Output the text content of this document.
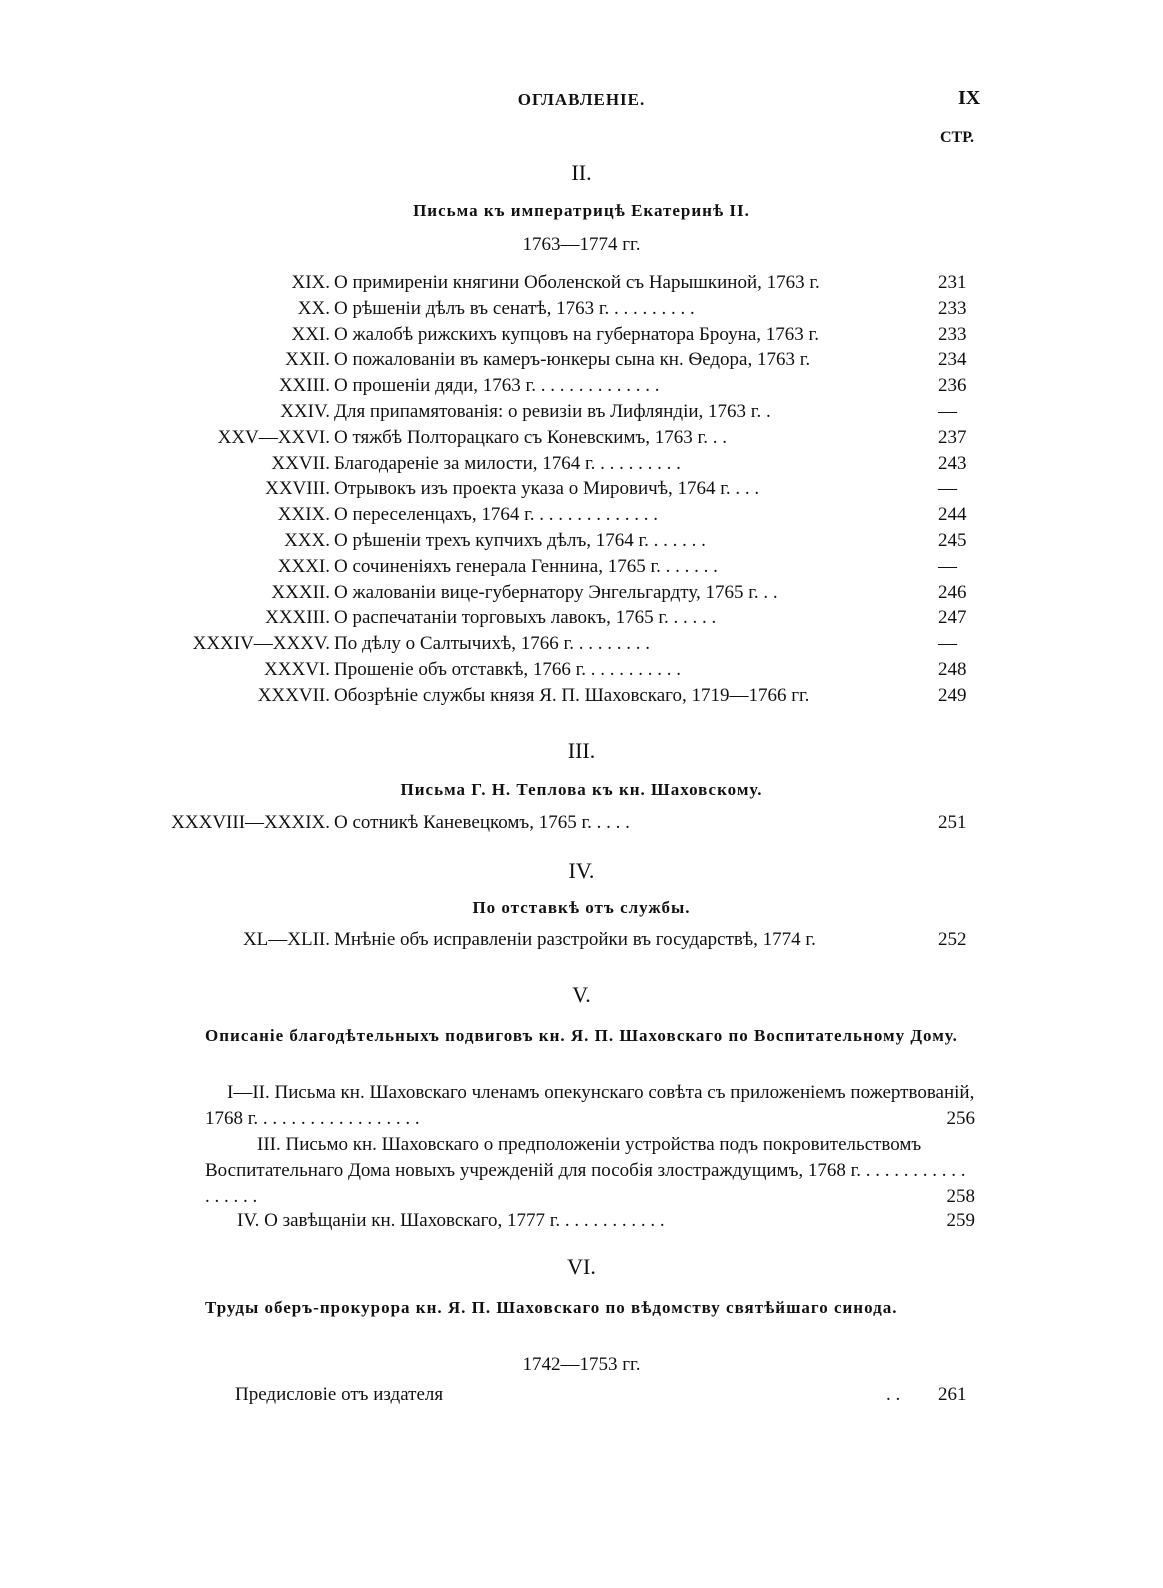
ОГЛАВЛЕНІЕ.	IX
СТР.
II.
Письма къ императрицѣ Екатеринѣ II.
1763—1774 гг.
XIX. О примиреніи княгини Оболенской съ Нарышкиной, 1763 г.	231
XX. О рѣшеніи дѣлъ въ сенатѣ, 1763 г. . . . . . . . . .	233
XXI. О жалобѣ рижскихъ купцовъ на губернатора Броуна, 1763 г.	233
XXII. О пожалованіи въ камеръ-юнкеры сына кн. Ѳедора, 1763 г.	234
XXIII. О прошеніи дяди, 1763 г. . . . . . . . . . . . . .	236
XXIV. Для припамятованія: о ревизіи въ Лифляндіи, 1763 г. .	—
XXV—XXVI. О тяжбѣ Полторацкаго съ Коневскимъ, 1763 г. . .	237
XXVII. Благодареніе за милости, 1764 г. . . . . . . . . .	243
XXVIII. Отрывокъ изъ проекта указа о Мировичѣ, 1764 г. . . .	—
XXIX. О переселенцахъ, 1764 г. . . . . . . . . . . . . .	244
XXX. О рѣшеніи трехъ купчихъ дѣлъ, 1764 г. . . . . . .	245
XXXI. О сочиненіяхъ генерала Геннина, 1765 г. . . . . . .	—
XXXII. О жалованіи вице-губернатору Энгельгардту, 1765 г. . .	246
XXXIII. О распечатаніи торговыхъ лавокъ, 1765 г. . . . . .	247
XXXIV—XXXV. По дѣлу о Салтычихѣ, 1766 г. . . . . . . . .	—
XXXVI. Прошеніе объ отставкѣ, 1766 г. . . . . . . . . . .	248
XXXVII. Обозрѣніе службы князя Я. П. Шаховскаго, 1719—1766 гг.	249
III.
Письма Г. Н. Теплова къ кн. Шаховскому.
XXXVIII—XXXIX. О сотникѣ Каневецкомъ, 1765 г. . . . .	251
IV.
По отставкѣ отъ службы.
XL—XLII. Мнѣніе объ исправленіи разстройки въ государствѣ, 1774 г.	252
V.
Описаніе благодѣтельныхъ подвиговъ кн. Я. П. Шаховскаго по Воспитательному Дому.
I—II. Письма кн. Шаховскаго членамъ опекунскаго совѣта съ приложеніемъ пожертвованій, 1768 г. . . . . . . . . . . . . . . . . .	256
III. Письмо кн. Шаховскаго о предположеніи устройства подъ покровительствомъ Воспитательнаго Дома новыхъ учрежденій для пособія злостраждущимъ, 1768 г. . . . . . . . . . . . . . . . . .	258
IV. О завѣщаніи кн. Шаховскаго, 1777 г. . . . . . . . . . . .	259
VI.
Труды оберъ-прокурора кн. Я. П. Шаховскаго по вѣдомству святѣйшаго синода.
1742—1753 гг.
Предисловіе отъ издателя	. . 261
